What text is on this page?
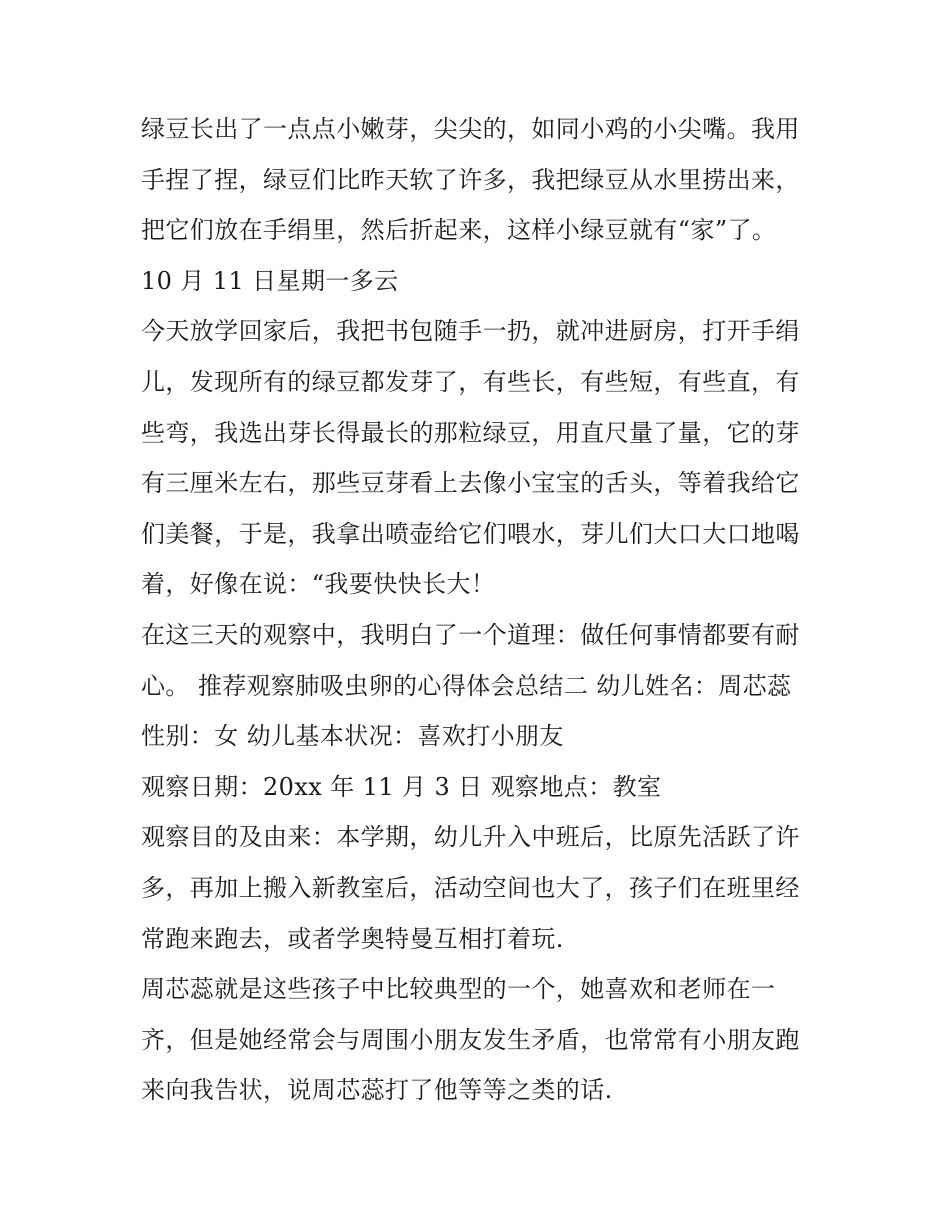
绿豆长出了一点点小嫩芽，尖尖的，如同小鸡的小尖嘴。我用
手捏了捏，绿豆们比昨天软了许多，我把绿豆从水里捞出来，
把它们放在手绢里，然后折起来，这样小绿豆就有“家”了。
10 月 11 日星期一多云
今天放学回家后，我把书包随手一扔，就冲进厨房，打开手绢
儿，发现所有的绿豆都发芽了，有些长，有些短，有些直，有
些弯，我选出芽长得最长的那粒绿豆，用直尺量了量，它的芽
有三厘米左右，那些豆芽看上去像小宝宝的舌头，等着我给它
们美餐，于是，我拿出喷壶给它们喂水，芽儿们大口大口地喝
着，好像在说：“我要快快长大！
在这三天的观察中，我明白了一个道理：做任何事情都要有耐
心。 推荐观察肺吸虫卵的心得体会总结二 幼儿姓名：周芯蕊
性别：女 幼儿基本状况：喜欢打小朋友
观察日期：20xx 年 11 月 3 日 观察地点：教室
观察目的及由来：本学期，幼儿升入中班后，比原先活跃了许
多，再加上搬入新教室后，活动空间也大了，孩子们在班里经
常跑来跑去，或者学奥特曼互相打着玩.
周芯蕊就是这些孩子中比较典型的一个，她喜欢和老师在一
齐，但是她经常会与周围小朋友发生矛盾，也常常有小朋友跑
来向我告状，说周芯蕊打了他等等之类的话.
